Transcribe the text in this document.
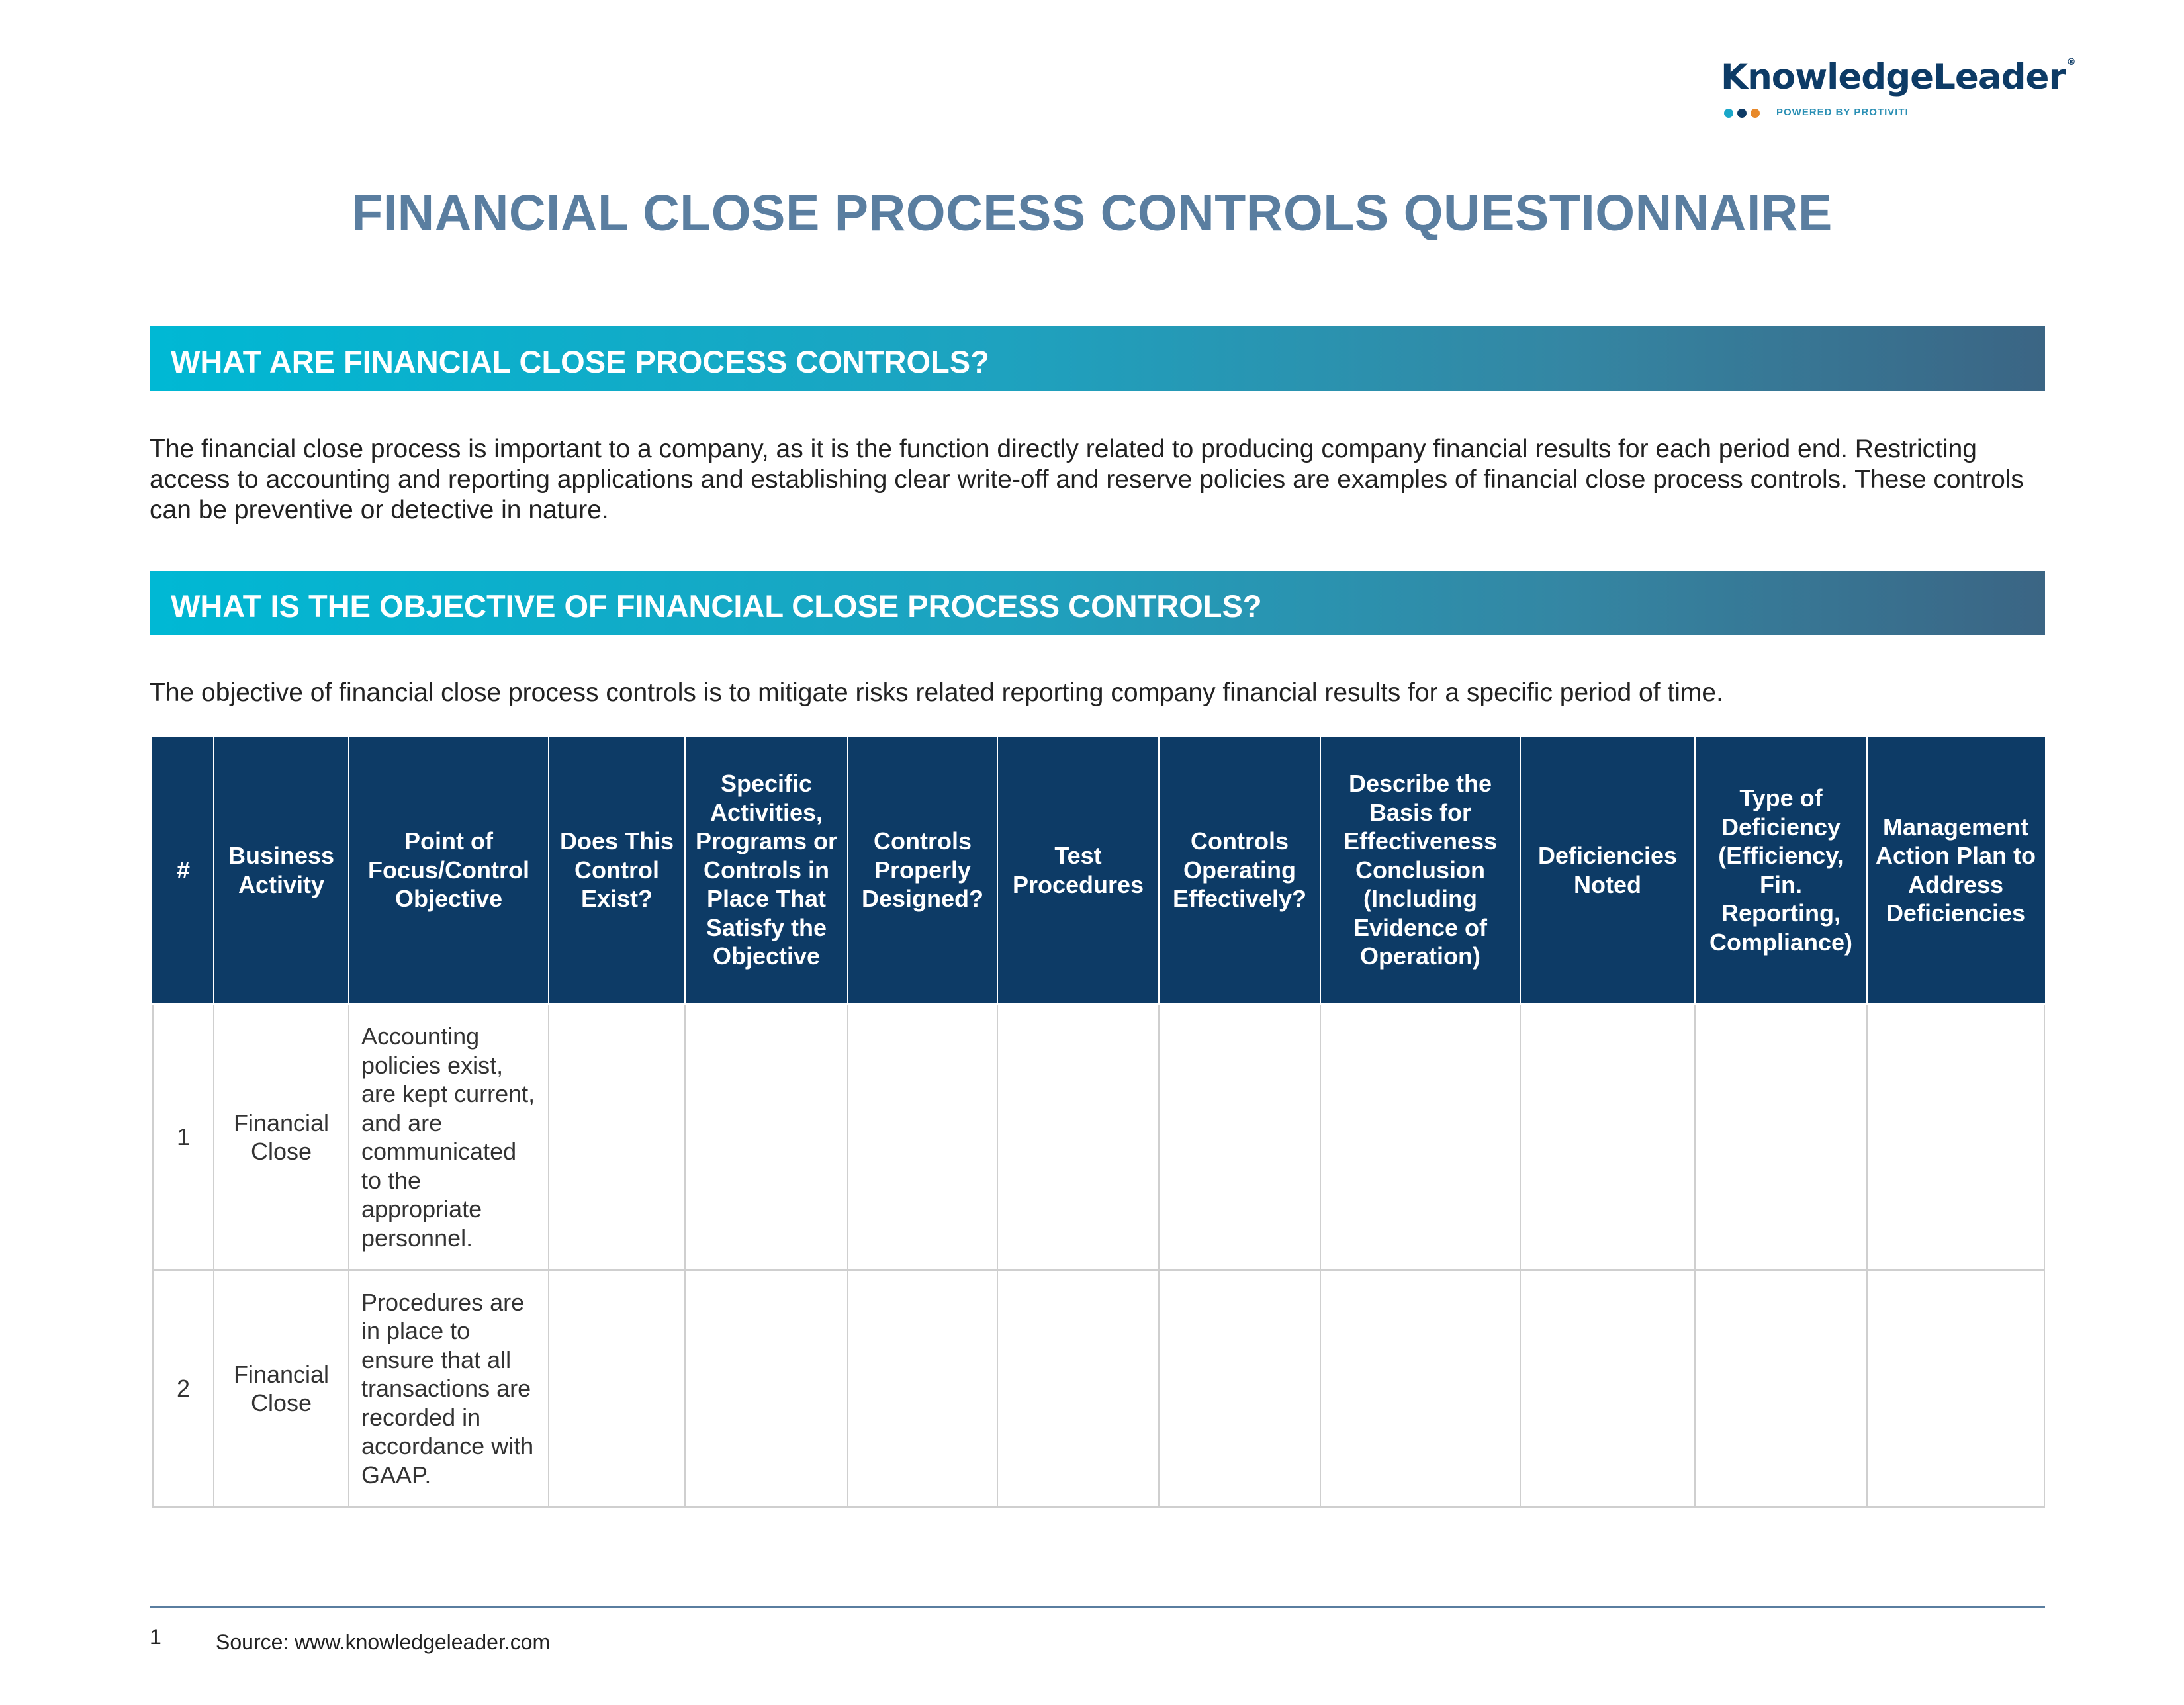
KnowledgeLeader ®
POWERED BY PROTIVITI
FINANCIAL CLOSE PROCESS CONTROLS QUESTIONNAIRE
WHAT ARE FINANCIAL CLOSE PROCESS CONTROLS?

The financial close process is important to a company, as it is the function directly related to producing company financial results for each period end. Restricting access to accounting and reporting applications and establishing clear write-off and reserve policies are examples of financial close process controls. These controls can be preventive or detective in nature.

WHAT IS THE OBJECTIVE OF FINANCIAL CLOSE PROCESS CONTROLS?

The objective of financial close process controls is to mitigate risks related reporting company financial results for a specific period of time.

#	Business Activity	Point of Focus/Control Objective	Does This Control Exist?	Specific Activities, Programs or Controls in Place That Satisfy the Objective	Controls Properly Designed?	Test Procedures	Controls Operating Effectively?	Describe the Basis for Effectiveness Conclusion (Including Evidence of Operation)	Deficiencies Noted	Type of Deficiency (Efficiency, Fin. Reporting, Compliance)	Management Action Plan to Address Deficiencies
1	Financial Close	Accounting policies exist, are kept current, and are communicated to the appropriate personnel.									
2	Financial Close	Procedures are in place to ensure that all transactions are recorded in accordance with GAAP.									
1	Source: www.knowledgeleader.com
